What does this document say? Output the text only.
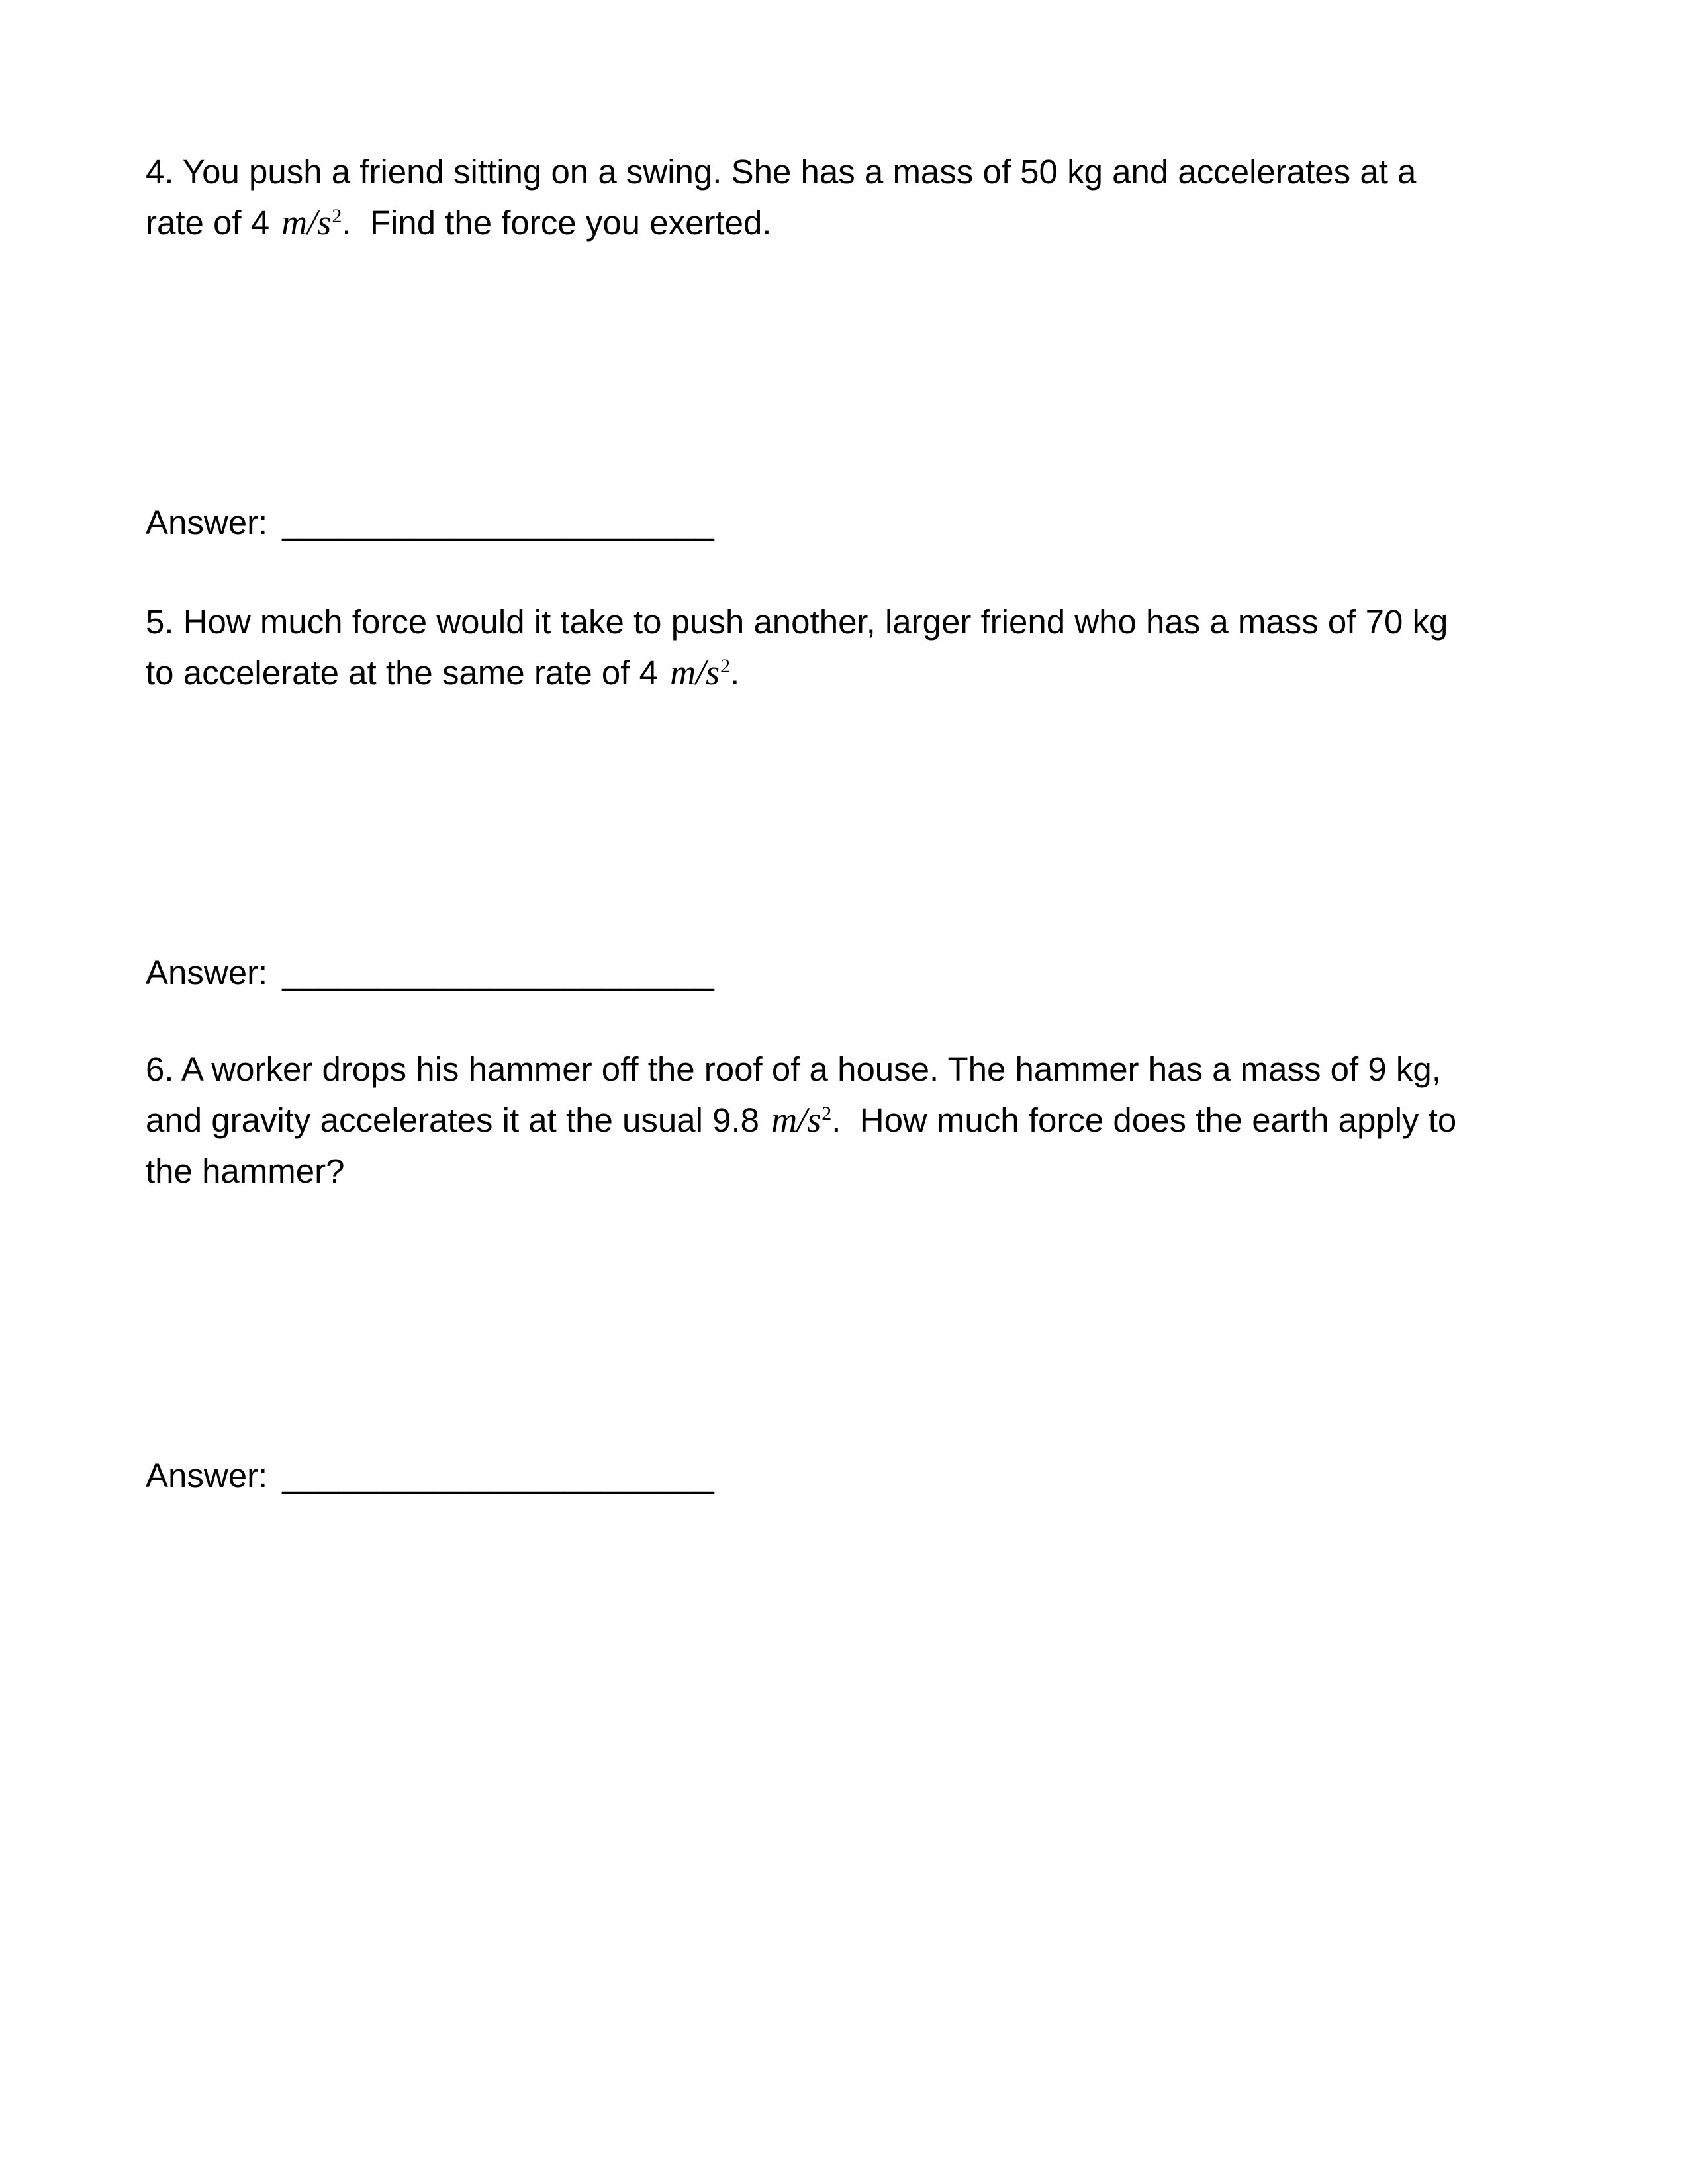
4. You push a friend sitting on a swing. She has a mass of 50 kg and accelerates at a
rate of 4 $m/s^2$.  Find the force you exerted.
Answer: _______________________
5. How much force would it take to push another, larger friend who has a mass of 70 kg
to accelerate at the same rate of 4 $m/s^2$.
Answer: _______________________
6. A worker drops his hammer off the roof of a house. The hammer has a mass of 9 kg,
and gravity accelerates it at the usual 9.8 $m/s^2$.  How much force does the earth apply to
the hammer?
Answer: _______________________
